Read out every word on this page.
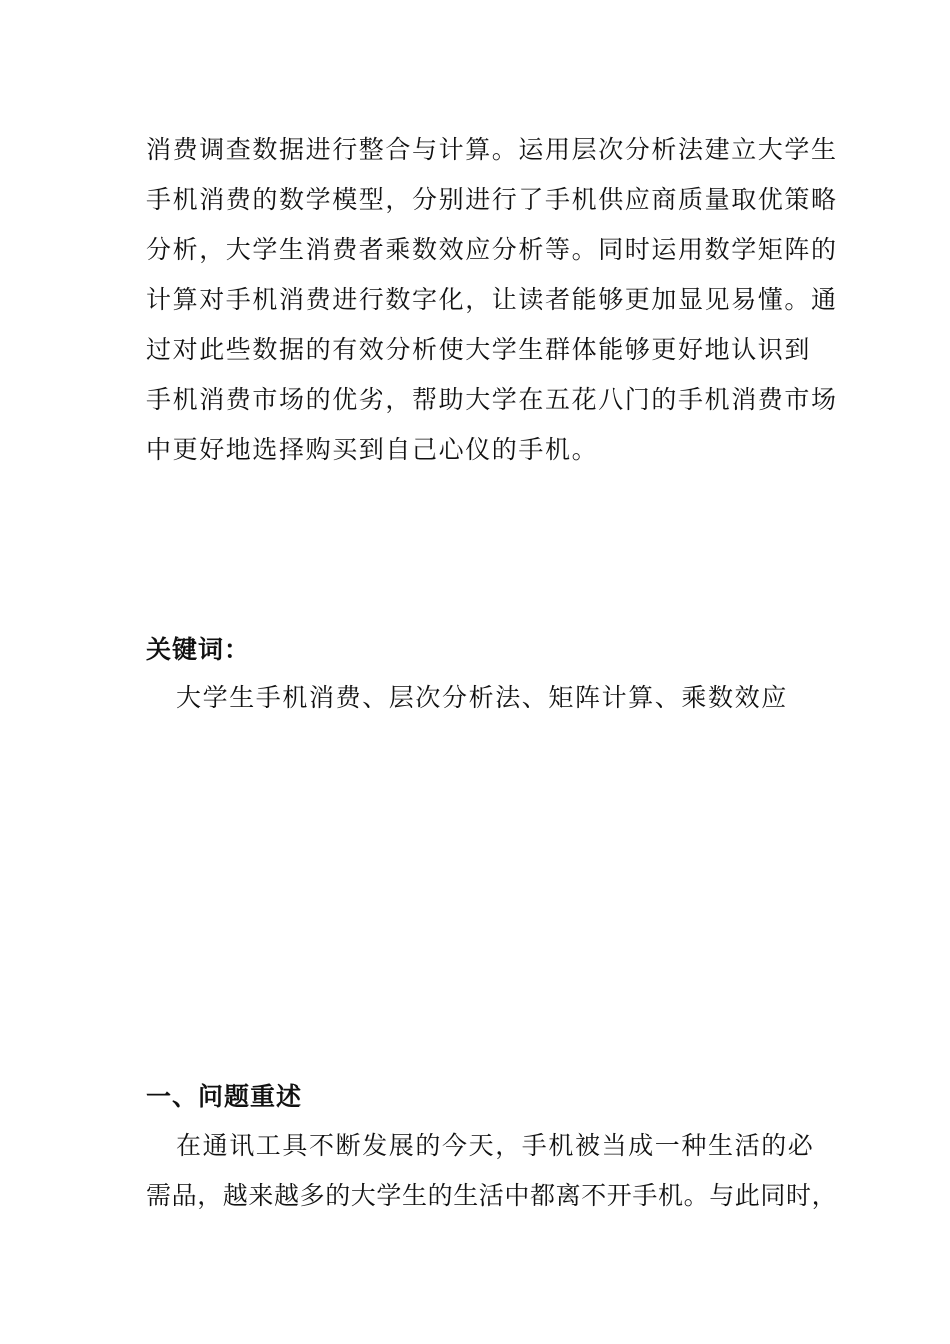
消费调查数据进行整合与计算。运用层次分析法建立大学生
手机消费的数学模型，分别进行了手机供应商质量取优策略
分析，大学生消费者乘数效应分析等。同时运用数学矩阵的
计算对手机消费进行数字化，让读者能够更加显见易懂。通
过对此些数据的有效分析使大学生群体能够更好地认识到
手机消费市场的优劣，帮助大学在五花八门的手机消费市场
中更好地选择购买到自己心仪的手机。
关键词：
大学生手机消费、层次分析法、矩阵计算、乘数效应
一、问题重述
在通讯工具不断发展的今天，手机被当成一种生活的必
需品，越来越多的大学生的生活中都离不开手机。与此同时，
